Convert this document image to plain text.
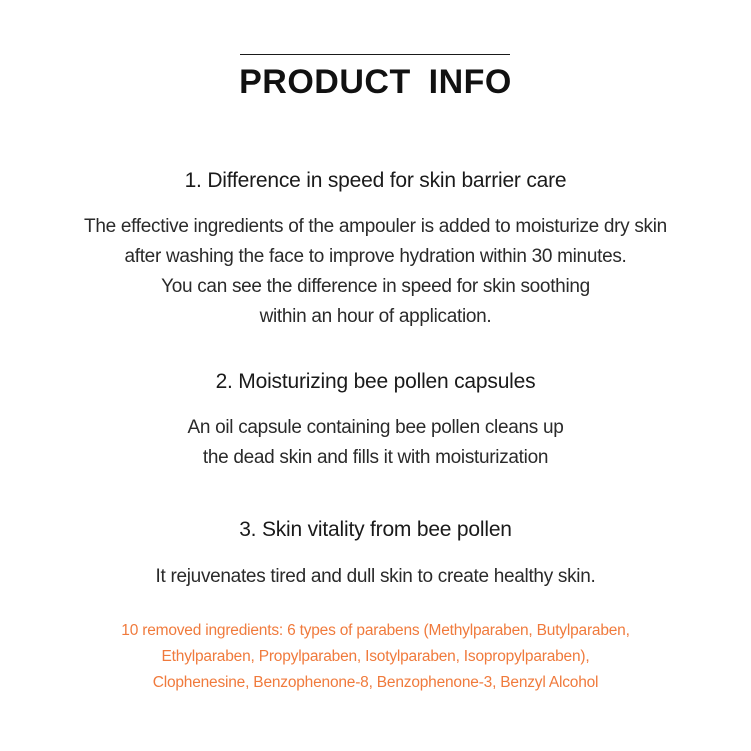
PRODUCT INFO
1. Difference in speed for skin barrier care
The effective ingredients of the ampouler is added to moisturize dry skin
after washing the face to improve hydration within 30 minutes.
You can see the difference in speed for skin soothing
within an hour of application.
2. Moisturizing bee pollen capsules
An oil capsule containing bee pollen cleans up
the dead skin and fills it with moisturization
3. Skin vitality from bee pollen
It rejuvenates tired and dull skin to create healthy skin.
10 removed ingredients: 6 types of parabens (Methylparaben, Butylparaben,
Ethylparaben, Propylparaben, Isotylparaben, Isopropylparaben),
Clophenesine, Benzophenone-8, Benzophenone-3, Benzyl Alcohol
